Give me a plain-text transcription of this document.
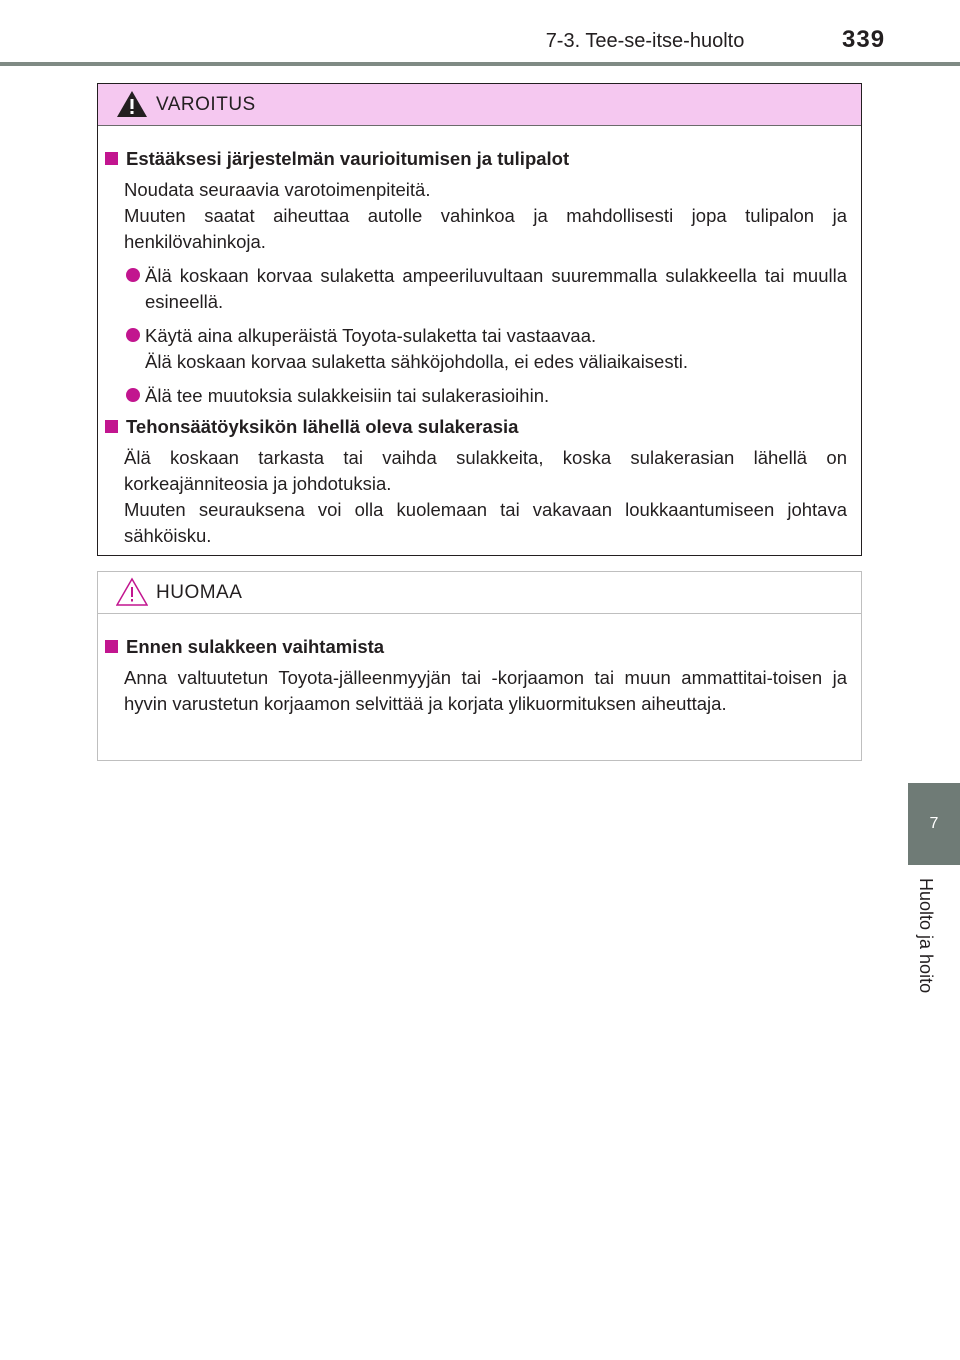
7-3. Tee-se-itse-huolto	339
7
Huolto ja hoito
VAROITUS
Estääksesi järjestelmän vaurioitumisen ja tulipalot
Noudata seuraavia varotoimenpiteitä.
Muuten saatat aiheuttaa autolle vahinkoa ja mahdollisesti jopa tulipalon ja henkilövahinkoja.
Älä koskaan korvaa sulaketta ampeeriluvultaan suuremmalla sulakkeella tai muulla esineellä.
Käytä aina alkuperäistä Toyota-sulaketta tai vastaavaa.
Älä koskaan korvaa sulaketta sähköjohdolla, ei edes väliaikaisesti.
Älä tee muutoksia sulakkeisiin tai sulakerasioihin.
Tehonsäätöyksikön lähellä oleva sulakerasia
Älä koskaan tarkasta tai vaihda sulakkeita, koska sulakerasian lähellä on korkeajänniteosia ja johdotuksia.
Muuten seurauksena voi olla kuolemaan tai vakavaan loukkaantumiseen johtava sähköisku.
HUOMAA
Ennen sulakkeen vaihtamista
Anna valtuutetun Toyota-jälleenmyyjän tai -korjaamon tai muun ammattitai-toisen ja hyvin varustetun korjaamon selvittää ja korjata ylikuormituksen aiheuttaja.
